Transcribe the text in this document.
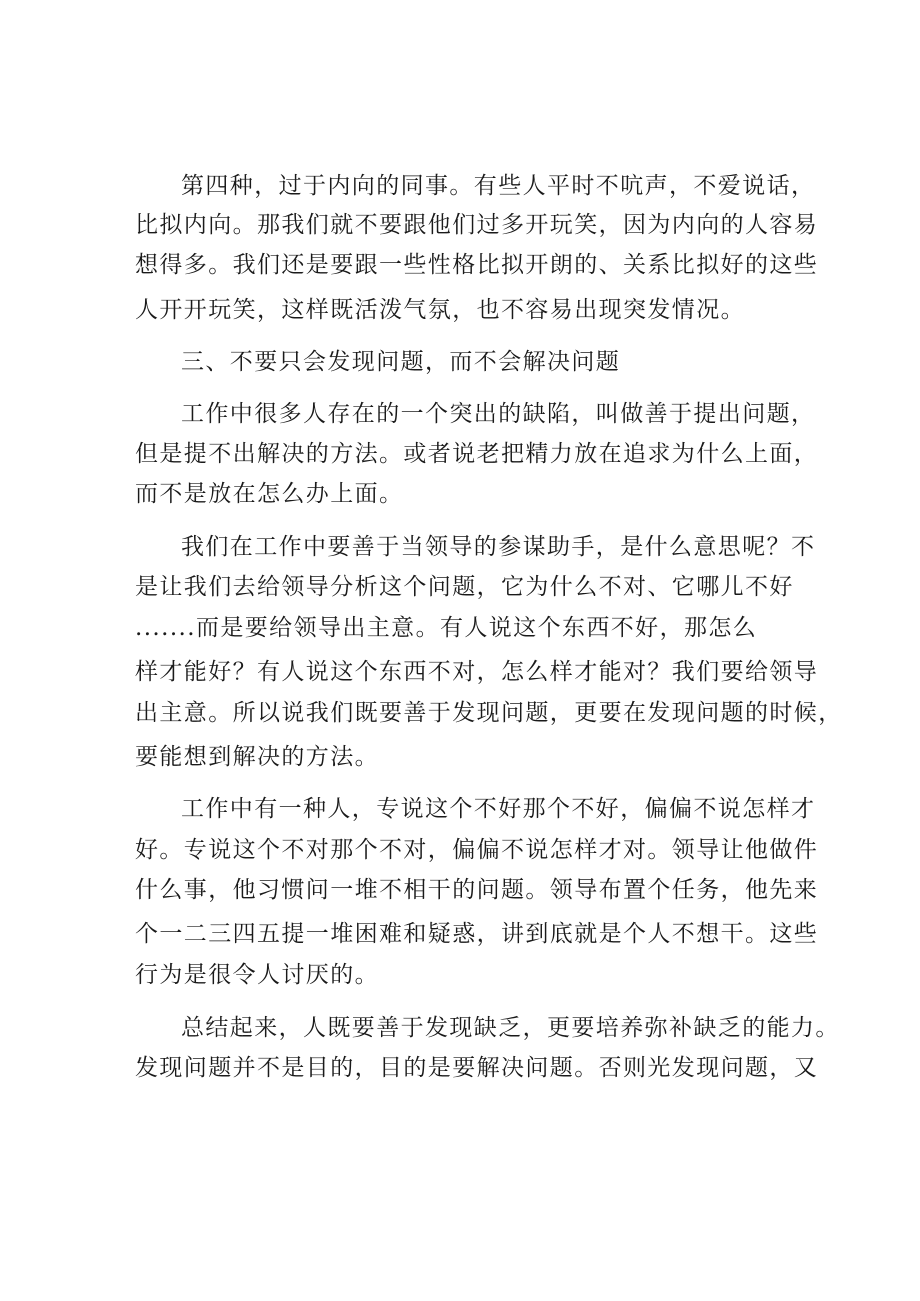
第四种，过于内向的同事。有些人平时不吭声，不爱说话，
比拟内向。那我们就不要跟他们过多开玩笑，因为内向的人容易
想得多。我们还是要跟一些性格比拟开朗的、关系比拟好的这些
人开开玩笑，这样既活泼气氛，也不容易出现突发情况。
三、不要只会发现问题，而不会解决问题
工作中很多人存在的一个突出的缺陷，叫做善于提出问题，
但是提不出解决的方法。或者说老把精力放在追求为什么上面，
而不是放在怎么办上面。
我们在工作中要善于当领导的参谋助手，是什么意思呢？不
是让我们去给领导分析这个问题，它为什么不对、它哪儿不好
.......而是要给领导出主意。有人说这个东西不好，那怎么
样才能好？有人说这个东西不对，怎么样才能对？我们要给领导
出主意。所以说我们既要善于发现问题，更要在发现问题的时候，
要能想到解决的方法。
工作中有一种人，专说这个不好那个不好，偏偏不说怎样才
好。专说这个不对那个不对，偏偏不说怎样才对。领导让他做件
什么事，他习惯问一堆不相干的问题。领导布置个任务，他先来
个一二三四五提一堆困难和疑惑，讲到底就是个人不想干。这些
行为是很令人讨厌的。
总结起来，人既要善于发现缺乏，更要培养弥补缺乏的能力。
发现问题并不是目的，目的是要解决问题。否则光发现问题，又
